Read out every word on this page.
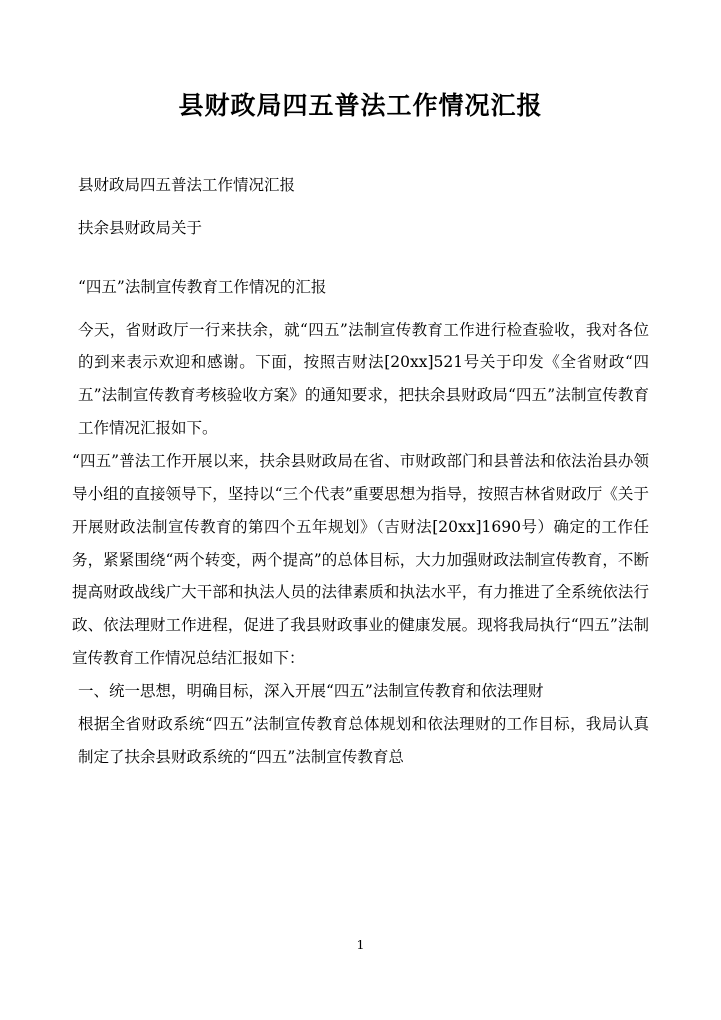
县财政局四五普法工作情况汇报

县财政局四五普法工作情况汇报

扶余县财政局关于

“四五”法制宣传教育工作情况的汇报

今天，省财政厅一行来扶余，就“四五”法制宣传教育工作进行检查验收，我对各位的到来表示欢迎和感谢。下面，按照吉财法[20xx]521号关于印发《全省财政“四五”法制宣传教育考核验收方案》的通知要求，把扶余县财政局“四五”法制宣传教育工作情况汇报如下。

“四五”普法工作开展以来，扶余县财政局在省、市财政部门和县普法和依法治县办领导小组的直接领导下，坚持以“三个代表”重要思想为指导，按照吉林省财政厅《关于开展财政法制宣传教育的第四个五年规划》（吉财法[20xx]1690号）确定的工作任务，紧紧围绕“两个转变，两个提高”的总体目标，大力加强财政法制宣传教育，不断提高财政战线广大干部和执法人员的法律素质和执法水平，有力推进了全系统依法行政、依法理财工作进程，促进了我县财政事业的健康发展。现将我局执行“四五”法制宣传教育工作情况总结汇报如下：

一、统一思想，明确目标，深入开展“四五”法制宣传教育和依法理财

根据全省财政系统“四五”法制宣传教育总体规划和依法理财的工作目标，我局认真制定了扶余县财政系统的“四五”法制宣传教育总

1
